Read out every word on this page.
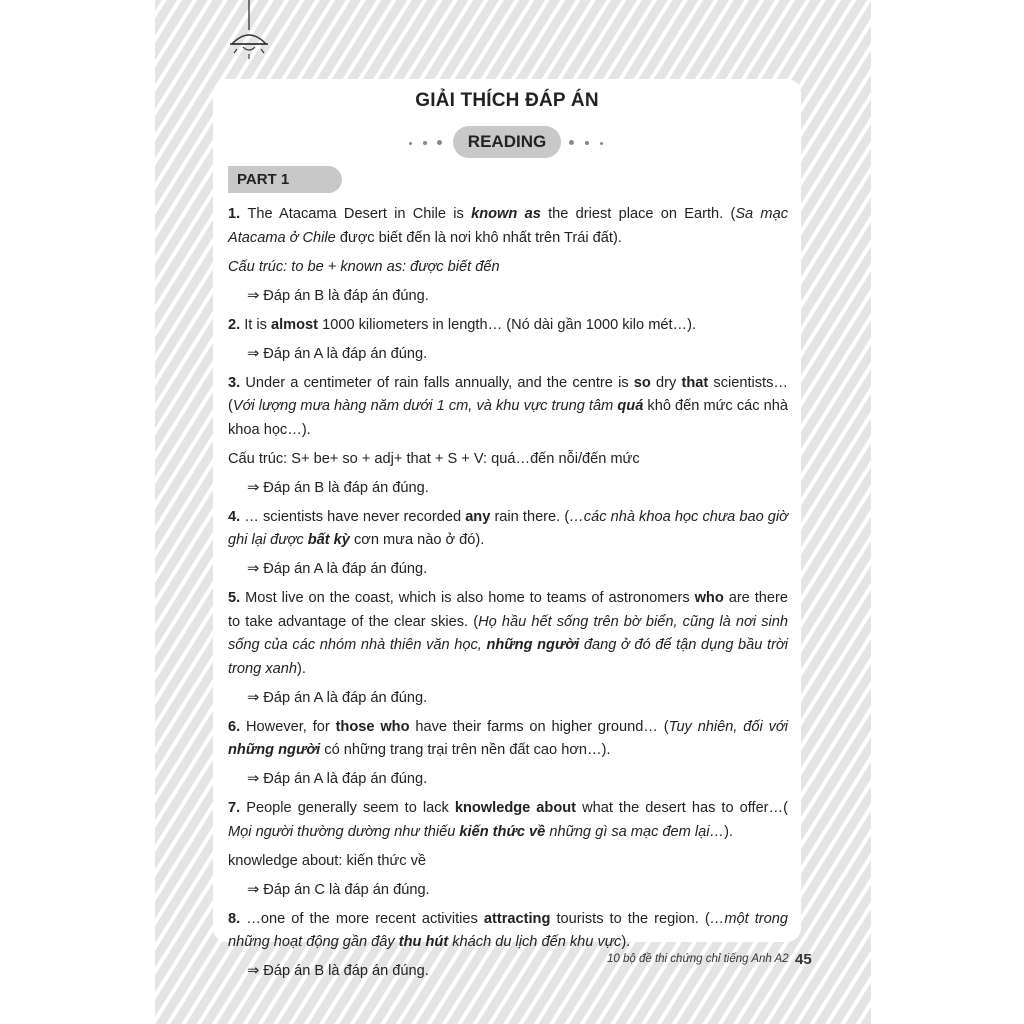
GIẢI THÍCH ĐÁP ÁN
READING
PART 1

1. The Atacama Desert in Chile is known as the driest place on Earth. (Sa mạc Atacama ở Chile được biết đến là nơi khô nhất trên Trái đất).

Cấu trúc: to be + known as: được biết đến

⇒ Đáp án B là đáp án đúng.

2. It is almost 1000 kiliometers in length… (Nó dài gần 1000 kilo mét…).

⇒ Đáp án A là đáp án đúng.

3. Under a centimeter of rain falls annually, and the centre is so dry that scientists… (Với lượng mưa hàng năm dưới 1 cm, và khu vực trung tâm quá khô đến mức các nhà khoa học…).

Cấu trúc: S+ be+ so + adj+ that + S + V: quá…đến nỗi/đến mức

⇒ Đáp án B là đáp án đúng.

4. … scientists have never recorded any rain there. (…các nhà khoa học chưa bao giờ ghi lại được bất kỳ cơn mưa nào ở đó).

⇒ Đáp án A là đáp án đúng.

5. Most live on the coast, which is also home to teams of astronomers who are there to take advantage of the clear skies. (Họ hầu hết sống trên bờ biển, cũng là nơi sinh sống của các nhóm nhà thiên văn học, những người đang ở đó để tận dụng bầu trời trong xanh).

⇒ Đáp án A là đáp án đúng.

6. However, for those who have their farms on higher ground… (Tuy nhiên, đối với những người có những trang trại trên nền đất cao hơn…).

⇒ Đáp án A là đáp án đúng.

7. People generally seem to lack knowledge about what the desert has to offer…( Mọi người thường dường như thiếu kiến thức về những gì sa mạc đem lại…).

knowledge about: kiến thức về

⇒ Đáp án C là đáp án đúng.

8. …one of the more recent activities attracting tourists to the region. (…một trong những hoạt động gần đây thu hút khách du lịch đến khu vực).

⇒ Đáp án B là đáp án đúng.

10 bộ đề thi chứng chỉ tiếng Anh A2 45
